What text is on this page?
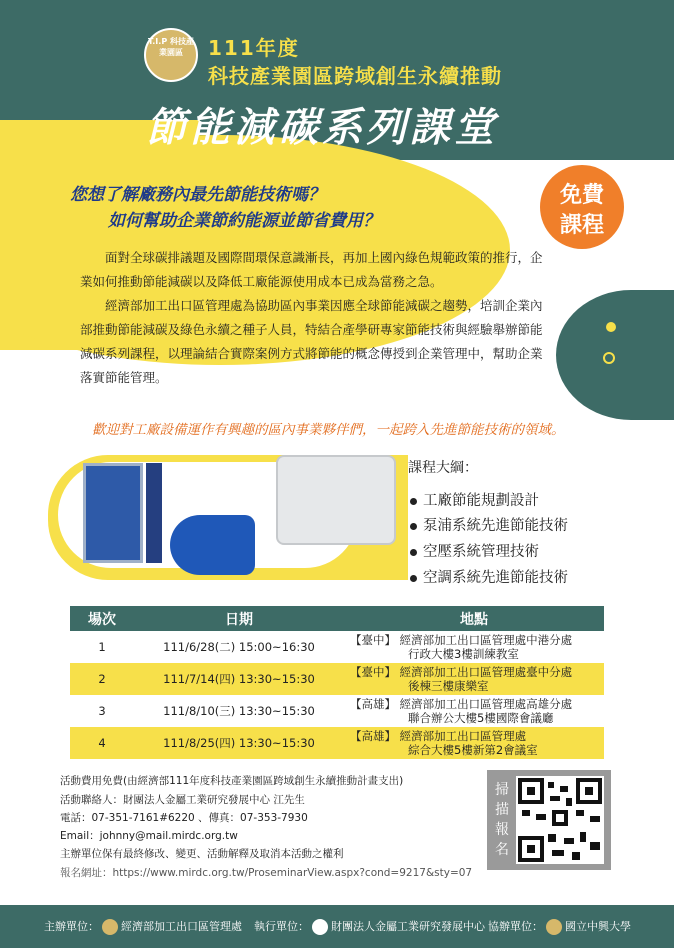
T.I.P 科技產業園區	111年度
科技產業園區跨域創生永續推動
節能減碳系列課堂
免費
課程
您想了解廠務內最先節能技術嗎？
如何幫助企業節約能源並節省費用？
面對全球碳排議題及國際間環保意識漸長，再加上國內綠色規範政策的推行，企業如何推動節能減碳以及降低工廠能源使用成本已成為當務之急。
經濟部加工出口區管理處為協助區內事業因應全球節能減碳之趨勢，培訓企業內部推動節能減碳及綠色永續之種子人員，特結合產學研專家節能技術與經驗舉辦節能減碳系列課程，以理論結合實際案例方式將節能的概念傳授到企業管理中，幫助企業落實節能管理。
歡迎對工廠設備運作有興趣的區內事業夥伴們，一起跨入先進節能技術的領域。
課程大綱：
工廠節能規劃設計
泵浦系統先進節能技術
空壓系統管理技術
空調系統先進節能技術
場次	日期	地點
1	111/6/28(二) 15:00~16:30	【臺中】 經濟部加工出口區管理處中港分處
行政大樓3樓訓練教室
2	111/7/14(四) 13:30~15:30	【臺中】 經濟部加工出口區管理處臺中分處
後棟三樓康樂室
3	111/8/10(三) 13:30~15:30	【高雄】 經濟部加工出口區管理處高雄分處
聯合辦公大樓5樓國際會議廳
4	111/8/25(四) 13:30~15:30	【高雄】 經濟部加工出口區管理處
綜合大樓5樓新第2會議室
活動費用免費(由經濟部111年度科技產業園區跨域創生永續推動計畫支出)
活動聯絡人：財團法人金屬工業研究發展中心 江先生
電話：07-351-7161#6220 、傳真：07-353-7930
Email：johnny@mail.mirdc.org.tw
主辦單位保有最終修改、變更、活動解釋及取消本活動之權利
報名網址：https://www.mirdc.org.tw/ProseminarView.aspx?cond=9217&sty=07
掃描報名
主辦單位： 經濟部加工出口區管理處 執行單位： 財團法人金屬工業研究發展中心 協辦單位： 國立中興大學
